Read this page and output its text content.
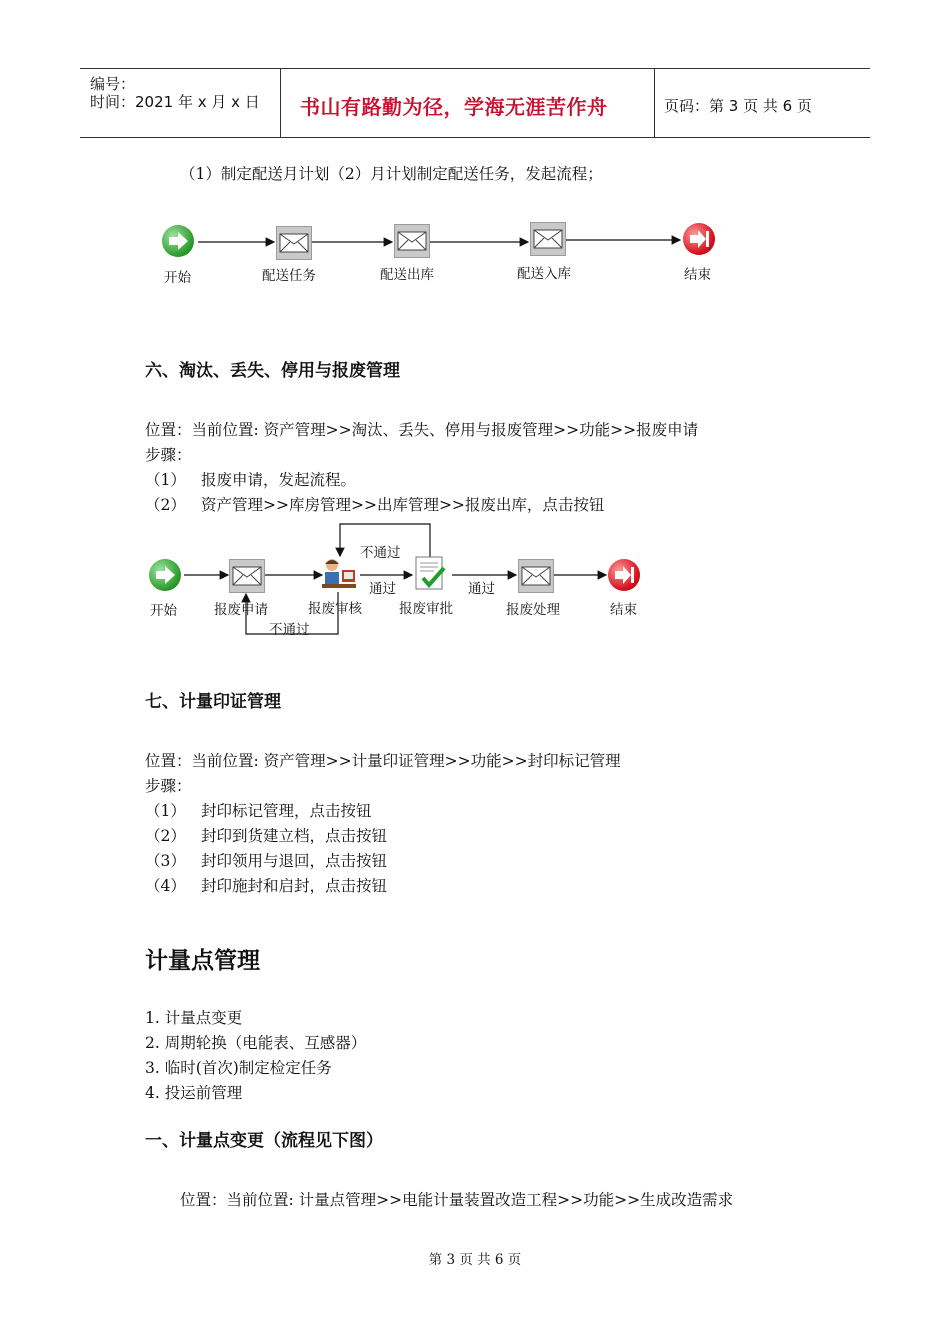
编号：
时间：2021 年 x 月 x 日 书山有路勤为径，学海无涯苦作舟	页码：第 3 页 共 6 页
（1）制定配送月计划（2）月计划制定配送任务，发起流程；
开始	配送任务	配送出库	配送入库	结束
六、淘汰、丢失、停用与报废管理
位置：当前位置: 资产管理>>淘汰、丢失、停用与报废管理>>功能>>报废申请
步骤：
（1） 报废申请，发起流程。
（2） 资产管理>>库房管理>>出库管理>>报废出库，点击按钮
不通过
通过	通过
不通过
开始	报废申请	报废审核	报废审批	报废处理	结束
七、计量印证管理
位置：当前位置: 资产管理>>计量印证管理>>功能>>封印标记管理
步骤：
（1） 封印标记管理，点击按钮
（2） 封印到货建立档，点击按钮
（3） 封印领用与退回，点击按钮
（4） 封印施封和启封，点击按钮
计量点管理
1. 计量点变更
2. 周期轮换（电能表、互感器）
3. 临时(首次)制定检定任务
4. 投运前管理
一、计量点变更（流程见下图）
位置：当前位置: 计量点管理>>电能计量装置改造工程>>功能>>生成改造需求
第 3 页 共 6 页
